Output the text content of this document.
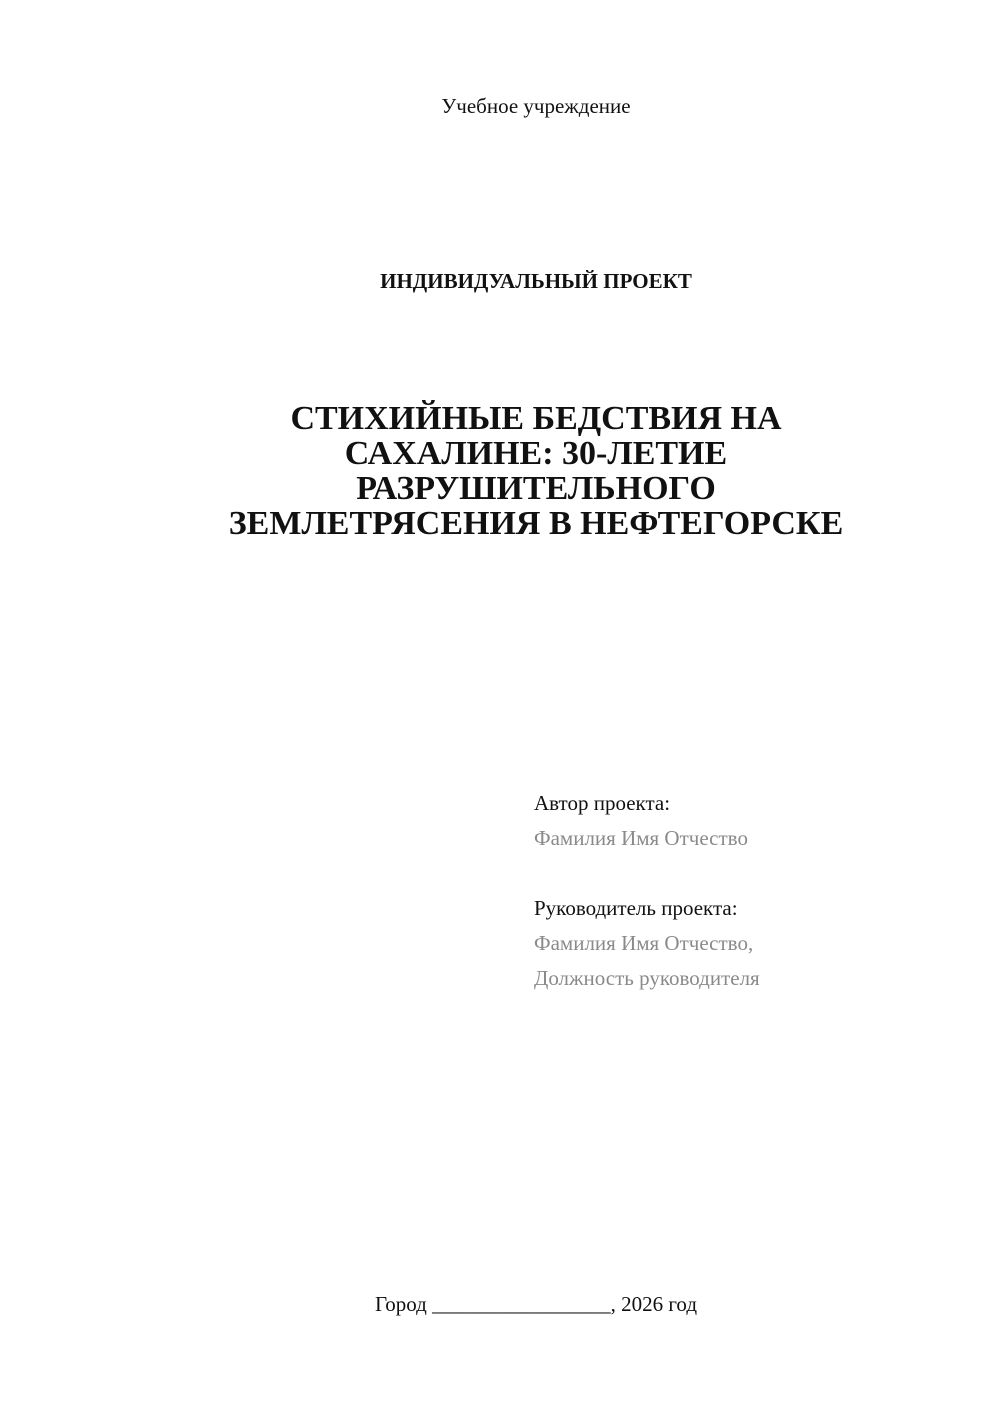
Учебное учреждение
ИНДИВИДУАЛЬНЫЙ ПРОЕКТ
СТИХИЙНЫЕ БЕДСТВИЯ НА
САХАЛИНЕ: 30-ЛЕТИЕ
РАЗРУШИТЕЛЬНОГО
ЗЕМЛЕТРЯСЕНИЯ В НЕФТЕГОРСКЕ
Автор проекта:
Фамилия Имя Отчество
Руководитель проекта:
Фамилия Имя Отчество,
Должность руководителя
Город _________________, 2026 год
